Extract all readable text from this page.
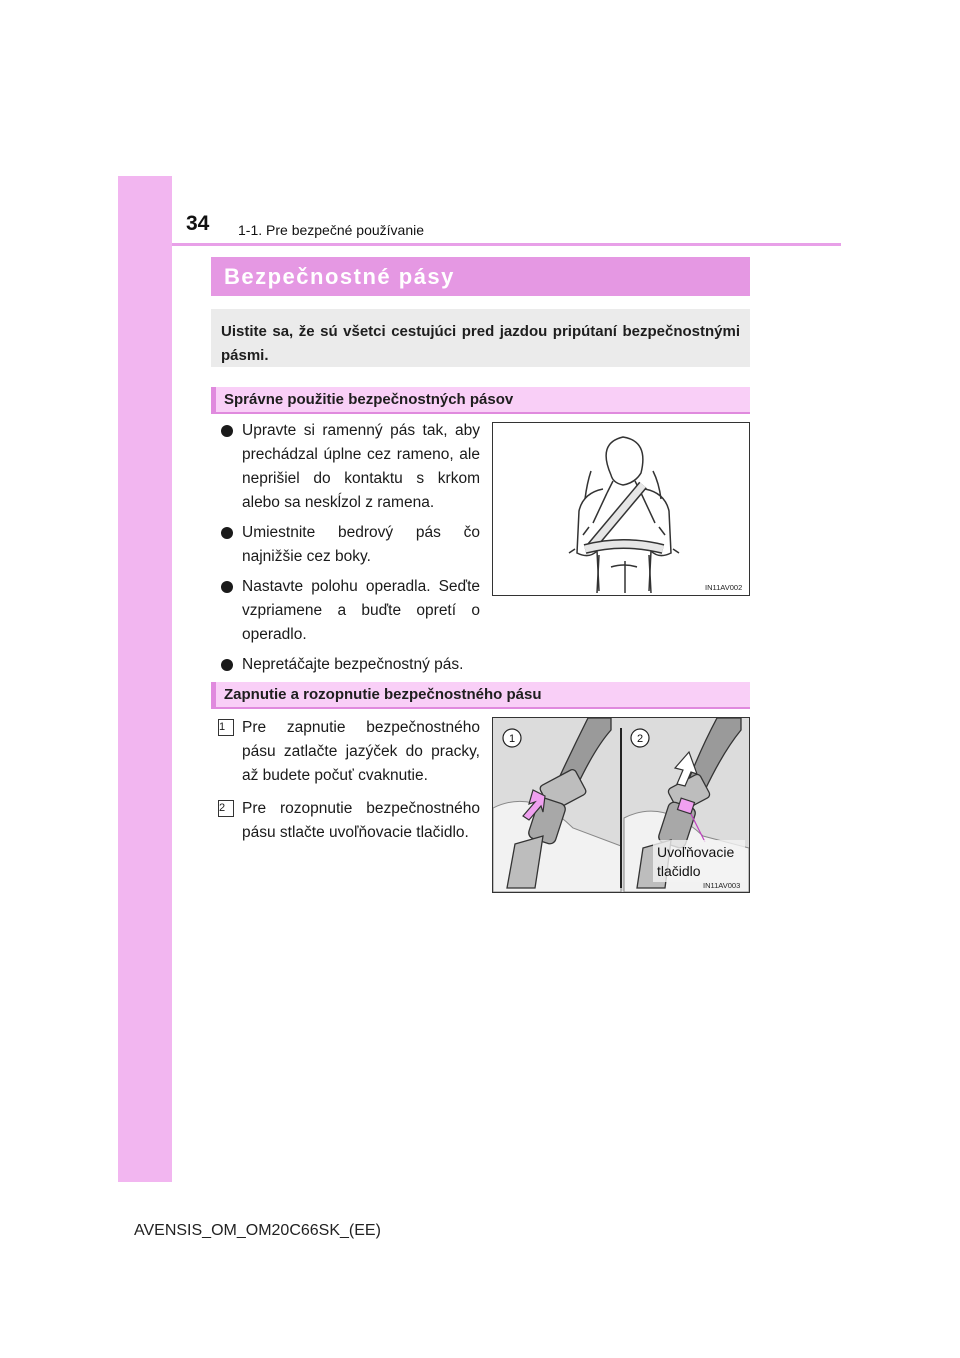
34 1-1. Pre bezpečné používanie
Bezpečnostné pásy
Uistite sa, že sú všetci cestujúci pred jazdou pripútaní bezpečnostnými pásmi.
Správne použitie bezpečnostných pásov
Upravte si ramenný pás tak, aby prechádzal úplne cez rameno, ale neprišiel do kontaktu s krkom alebo sa neskĺzol z ramena.
Umiestnite bedrový pás čo najnižšie cez boky.
Nastavte polohu operadla. Seďte vzpriamene a buďte opretí o operadlo.
Nepretáčajte bezpečnostný pás.
IN11AV002
Zapnutie a rozopnutie bezpečnostného pásu
1	Pre zapnutie bezpečnostného pásu zatlačte jazýček do pracky, až budete počuť cvaknutie.
2	Pre rozopnutie bezpečnostného pásu stlačte uvoľňovacie tlačidlo.
1	2
Uvoľňovacie
tlačidlo
IN11AV003
AVENSIS_OM_OM20C66SK_(EE)
